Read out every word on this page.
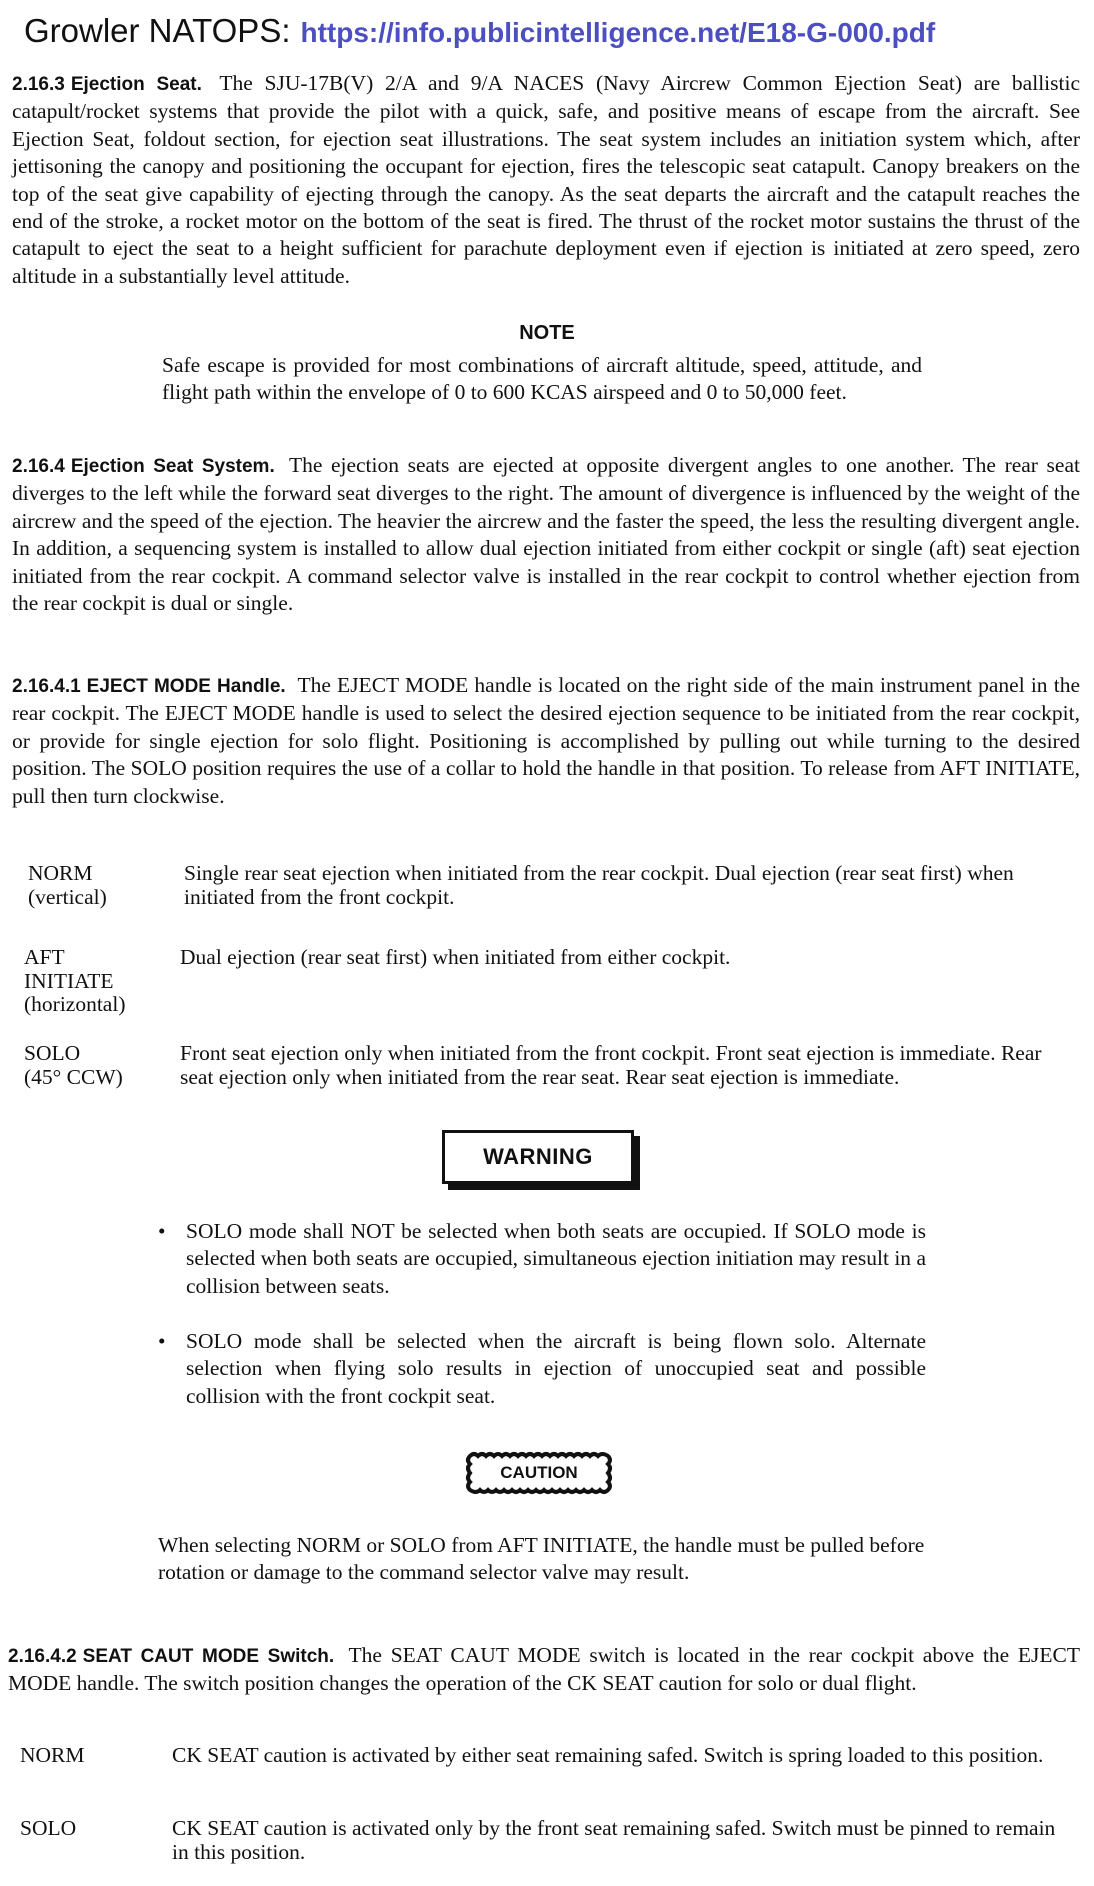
Growler NATOPS: https://info.publicintelligence.net/E18-G-000.pdf
2.16.3 Ejection Seat. The SJU-17B(V) 2/A and 9/A NACES (Navy Aircrew Common Ejection Seat) are ballistic catapult/rocket systems that provide the pilot with a quick, safe, and positive means of escape from the aircraft. See Ejection Seat, foldout section, for ejection seat illustrations. The seat system includes an initiation system which, after jettisoning the canopy and positioning the occupant for ejection, fires the telescopic seat catapult. Canopy breakers on the top of the seat give capability of ejecting through the canopy. As the seat departs the aircraft and the catapult reaches the end of the stroke, a rocket motor on the bottom of the seat is fired. The thrust of the rocket motor sustains the thrust of the catapult to eject the seat to a height sufficient for parachute deployment even if ejection is initiated at zero speed, zero altitude in a substantially level attitude.
NOTE
Safe escape is provided for most combinations of aircraft altitude, speed, attitude, and flight path within the envelope of 0 to 600 KCAS airspeed and 0 to 50,000 feet.
2.16.4 Ejection Seat System. The ejection seats are ejected at opposite divergent angles to one another. The rear seat diverges to the left while the forward seat diverges to the right. The amount of divergence is influenced by the weight of the aircrew and the speed of the ejection. The heavier the aircrew and the faster the speed, the less the resulting divergent angle. In addition, a sequencing system is installed to allow dual ejection initiated from either cockpit or single (aft) seat ejection initiated from the rear cockpit. A command selector valve is installed in the rear cockpit to control whether ejection from the rear cockpit is dual or single.
2.16.4.1 EJECT MODE Handle. The EJECT MODE handle is located on the right side of the main instrument panel in the rear cockpit. The EJECT MODE handle is used to select the desired ejection sequence to be initiated from the rear cockpit, or provide for single ejection for solo flight. Positioning is accomplished by pulling out while turning to the desired position. The SOLO position requires the use of a collar to hold the handle in that position. To release from AFT INITIATE, pull then turn clockwise.
NORM
(vertical)
Single rear seat ejection when initiated from the rear cockpit. Dual ejection (rear seat first) when initiated from the front cockpit.
AFT
INITIATE
(horizontal)
Dual ejection (rear seat first) when initiated from either cockpit.
SOLO
(45° CCW)
Front seat ejection only when initiated from the front cockpit. Front seat ejection is immediate. Rear seat ejection only when initiated from the rear seat. Rear seat ejection is immediate.
WARNING
• SOLO mode shall NOT be selected when both seats are occupied. If SOLO mode is selected when both seats are occupied, simultaneous ejection initiation may result in a collision between seats.
• SOLO mode shall be selected when the aircraft is being flown solo. Alternate selection when flying solo results in ejection of unoccupied seat and possible collision with the front cockpit seat.
CAUTION
When selecting NORM or SOLO from AFT INITIATE, the handle must be pulled before rotation or damage to the command selector valve may result.
2.16.4.2 SEAT CAUT MODE Switch. The SEAT CAUT MODE switch is located in the rear cockpit above the EJECT MODE handle. The switch position changes the operation of the CK SEAT caution for solo or dual flight.
NORM	CK SEAT caution is activated by either seat remaining safed. Switch is spring loaded to this position.
SOLO	CK SEAT caution is activated only by the front seat remaining safed. Switch must be pinned to remain in this position.
